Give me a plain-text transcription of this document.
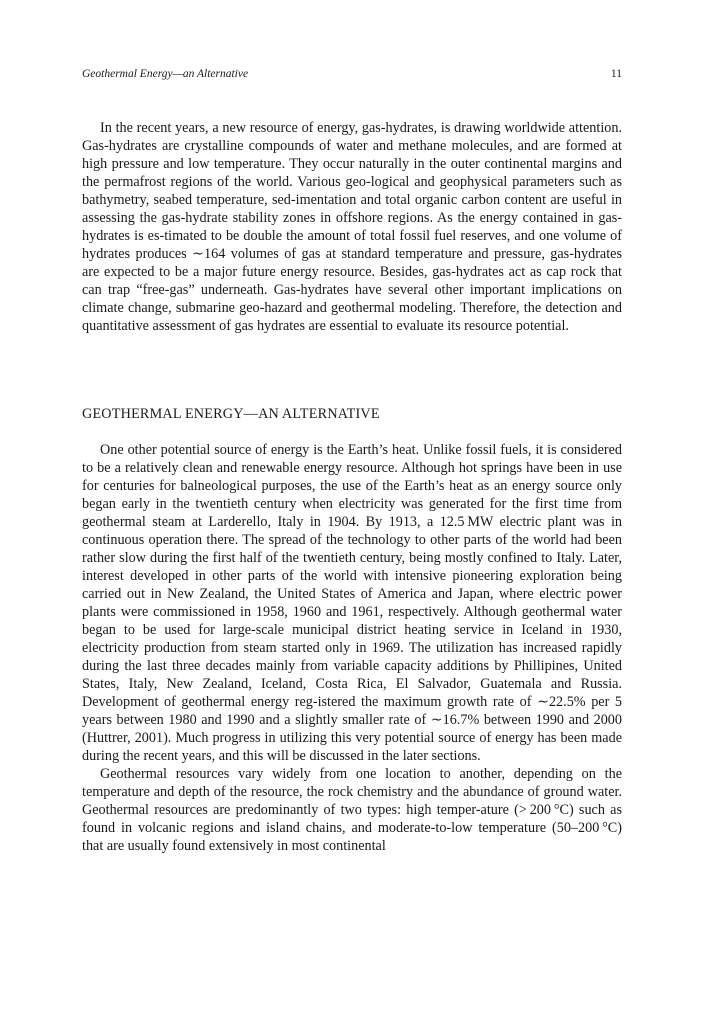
Geothermal Energy—an Alternative	11

In the recent years, a new resource of energy, gas-hydrates, is drawing worldwide attention. Gas-hydrates are crystalline compounds of water and methane molecules, and are formed at high pressure and low temperature. They occur naturally in the outer continental margins and the permafrost regions of the world. Various geo-logical and geophysical parameters such as bathymetry, seabed temperature, sed-imentation and total organic carbon content are useful in assessing the gas-hydrate stability zones in offshore regions. As the energy contained in gas-hydrates is es-timated to be double the amount of total fossil fuel reserves, and one volume of hydrates produces ∼164 volumes of gas at standard temperature and pressure, gas-hydrates are expected to be a major future energy resource. Besides, gas-hydrates act as cap rock that can trap “free-gas” underneath. Gas-hydrates have several other important implications on climate change, submarine geo-hazard and geothermal modeling. Therefore, the detection and quantitative assessment of gas hydrates are essential to evaluate its resource potential.

GEOTHERMAL ENERGY—AN ALTERNATIVE

One other potential source of energy is the Earth’s heat. Unlike fossil fuels, it is considered to be a relatively clean and renewable energy resource. Although hot springs have been in use for centuries for balneological purposes, the use of the Earth’s heat as an energy source only began early in the twentieth century when electricity was generated for the first time from geothermal steam at Larderello, Italy in 1904. By 1913, a 12.5 MW electric plant was in continuous operation there. The spread of the technology to other parts of the world had been rather slow during the first half of the twentieth century, being mostly confined to Italy. Later, interest developed in other parts of the world with intensive pioneering exploration being carried out in New Zealand, the United States of America and Japan, where electric power plants were commissioned in 1958, 1960 and 1961, respectively. Although geothermal water began to be used for large-scale municipal district heating service in Iceland in 1930, electricity production from steam started only in 1969. The utilization has increased rapidly during the last three decades mainly from variable capacity additions by Phillipines, United States, Italy, New Zealand, Iceland, Costa Rica, El Salvador, Guatemala and Russia. Development of geothermal energy reg-istered the maximum growth rate of ∼22.5% per 5 years between 1980 and 1990 and a slightly smaller rate of ∼16.7% between 1990 and 2000 (Huttrer, 2001). Much progress in utilizing this very potential source of energy has been made during the recent years, and this will be discussed in the later sections.

Geothermal resources vary widely from one location to another, depending on the temperature and depth of the resource, the rock chemistry and the abundance of ground water. Geothermal resources are predominantly of two types: high temper-ature (> 200 °C) such as found in volcanic regions and island chains, and moderate-to-low temperature (50–200 °C) that are usually found extensively in most continental
